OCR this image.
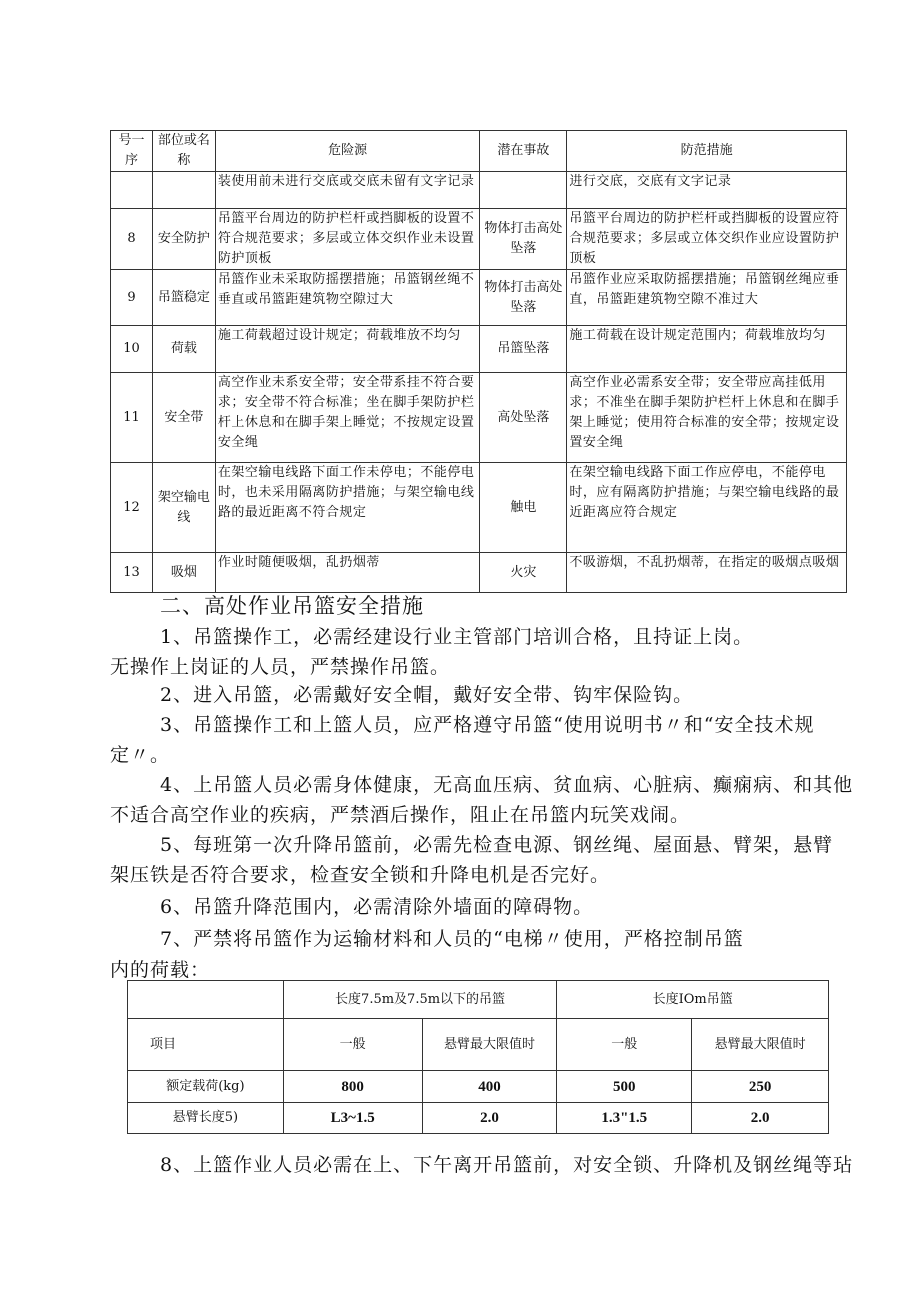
号一序	部位或名称	危险源	潜在事故	防范措施
		装使用前未进行交底或交底未留有文字记录		进行交底，交底有文字记录
8	安全防护	吊篮平台周边的防护栏杆或挡脚板的设置不符合规范要求；多层或立体交织作业未设置防护顶板	物体打击高处坠落	吊篮平台周边的防护栏杆或挡脚板的设置应符合规范要求；多层或立体交织作业应设置防护顶板
9	吊篮稳定	吊篮作业未采取防摇摆措施；吊篮钢丝绳不垂直或吊篮距建筑物空隙过大	物体打击高处坠落	吊篮作业应采取防摇摆措施；吊篮钢丝绳应垂直，吊篮距建筑物空隙不准过大
10	荷载	施工荷载超过设计规定；荷载堆放不均匀	吊篮坠落	施工荷载在设计规定范围内；荷载堆放均匀
11	安全带	高空作业未系安全带；安全带系挂不符合要求；安全带不符合标准；坐在脚手架防护栏杆上休息和在脚手架上睡觉；不按规定设置安全绳	高处坠落	高空作业必需系安全带；安全带应高挂低用求；不准坐在脚手架防护栏杆上休息和在脚手架上睡觉；使用符合标准的安全带；按规定设置安全绳
12	架空输电线	在架空输电线路下面工作未停电；不能停电时，也未采用隔离防护措施；与架空输电线路的最近距离不符合规定	触电	在架空输电线路下面工作应停电，不能停电时，应有隔离防护措施；与架空输电线路的最近距离应符合规定
13	吸烟	作业时随便吸烟，乱扔烟蒂	火灾	不吸游烟，不乱扔烟蒂，在指定的吸烟点吸烟
二、高处作业吊篮安全措施
1、吊篮操作工，必需经建设行业主管部门培训合格，且持证上岗。
无操作上岗证的人员，严禁操作吊篮。
2、进入吊篮，必需戴好安全帽，戴好安全带、钩牢保险钩。
3、吊篮操作工和上篮人员，应严格遵守吊篮“使用说明书〃和“安全技术规
定〃。
4、上吊篮人员必需身体健康，无高血压病、贫血病、心脏病、癫痫病、和其他
不适合高空作业的疾病，严禁酒后操作，阻止在吊篮内玩笑戏闹。
5、每班第一次升降吊篮前，必需先检查电源、钢丝绳、屋面悬、臂架，悬臂
架压铁是否符合要求，检查安全锁和升降电机是否完好。
6、吊篮升降范围内，必需清除外墙面的障碍物。
7、严禁将吊篮作为运输材料和人员的“电梯〃使用，严格控制吊篮
内的荷载：
	长度7.5m及7.5m以下的吊篮		长度IOm吊篮	
项目	一般	悬臂最大限值时	一般	悬臂最大限值时
额定载荷(kg)	800	400	500	250
悬臂长度5)	L3~1.5	2.0	1.3"1.5	2.0
8、上篮作业人员必需在上、下午离开吊篮前，对安全锁、升降机及钢丝绳等玷
